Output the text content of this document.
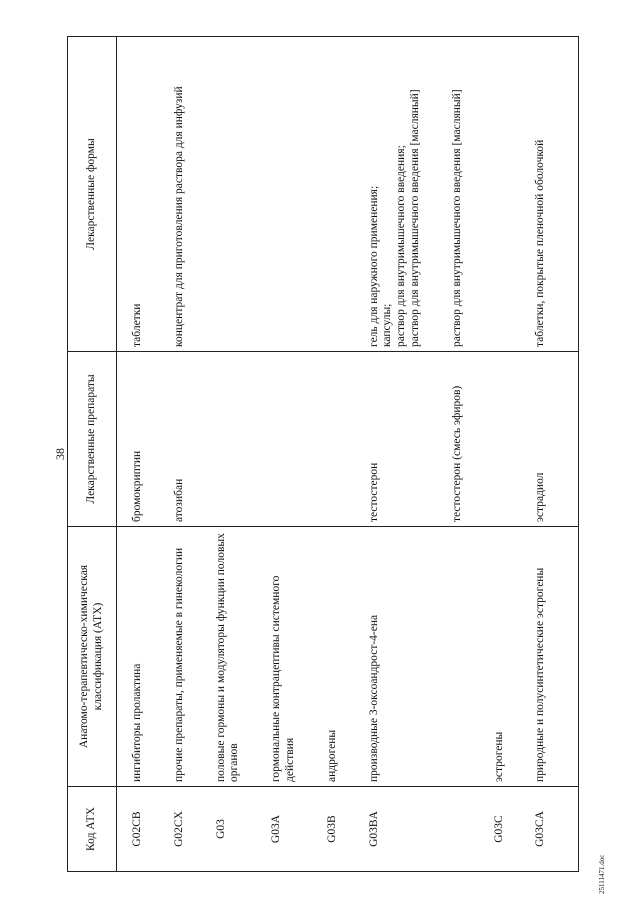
38
25111471.doc
Код АТХ	Анатомо-терапевтическо-химическая классификация (АТХ)	Лекарственные препараты	Лекарственные формы

G02CB	ингибиторы пролактина	бромокриптин	таблетки

G02CX	прочие препараты, применяемые в гинекологии	атозибан	концентрат для приготовления раствора для инфузий

G03	половые гормоны и модуляторы функции половых органов		

G03A	гормональные контрацептивы системного действия		

G03B	андрогены		

G03BA	производные 3-оксоандрост-4-ена	тестостерон	гель для наружного применения;
капсулы;
раствор для внутримышечного введения;
раствор для внутримышечного введения [масляный]

		тестостерон (смесь эфиров)	раствор для внутримышечного введения [масляный]

G03C	эстрогены		

G03CA	природные и полусинтетические эстрогены	эстрадиол	таблетки, покрытые пленочной оболочкой
